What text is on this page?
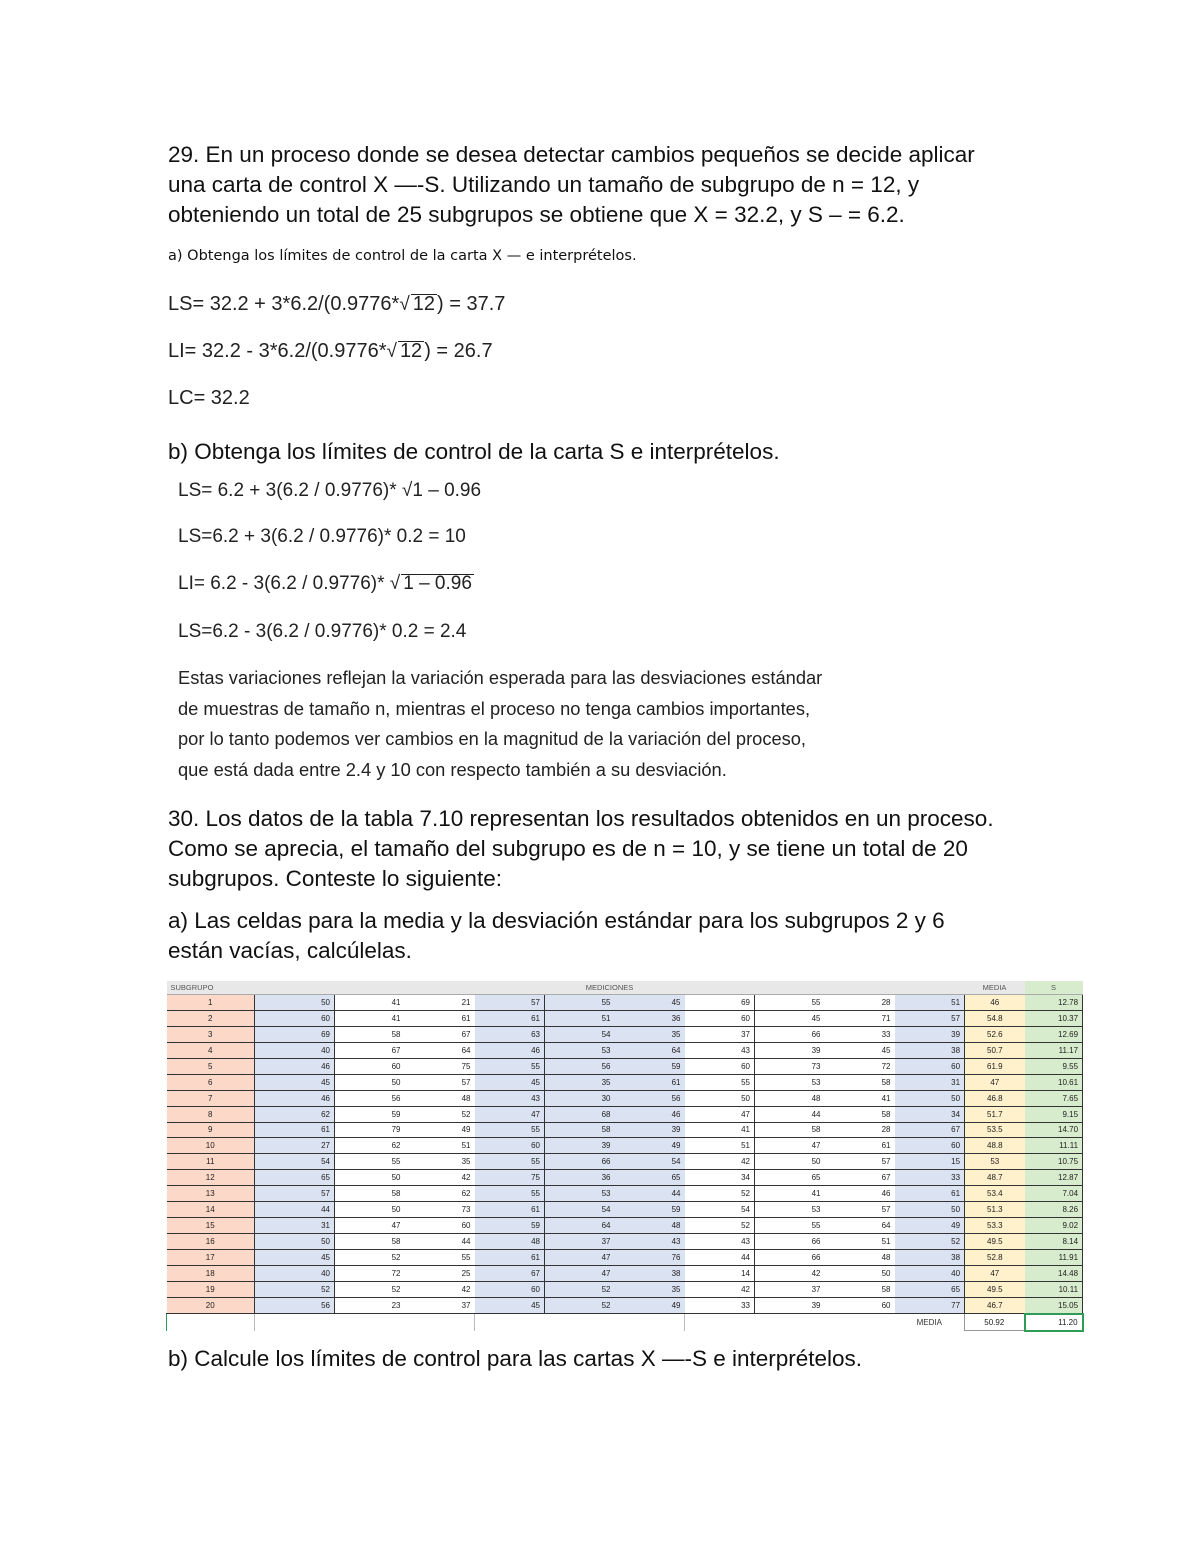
29. En un proceso donde se desea detectar cambios pequeños se decide aplicar

una carta de control X —-S. Utilizando un tamaño de subgrupo de n = 12, y

obteniendo un total de 25 subgrupos se obtiene que X = 32.2, y S – = 6.2.

a) Obtenga los límites de control de la carta X — e interprételos.
LS= 32.2 + 3*6.2/(0.9776*√ 12 ) = 37.7
LI= 32.2 - 3*6.2/(0.9776*√ 12 ) = 26.7
LC= 32.2
b) Obtenga los límites de control de la carta S e interprételos.
LS= 6.2 + 3(6.2 / 0.9776)* √1 – 0.96
LS=6.2 + 3(6.2 / 0.9776)* 0.2 = 10
LI= 6.2 - 3(6.2 / 0.9776)* √ 1 – 0.96
LS=6.2 - 3(6.2 / 0.9776)* 0.2 = 2.4
Estas variaciones reflejan la variación esperada para las desviaciones estándar
de muestras de tamaño n, mientras el proceso no tenga cambios importantes,
por lo tanto podemos ver cambios en la magnitud de la variación del proceso,
que está dada entre 2.4 y 10 con respecto también a su desviación.

30. Los datos de la tabla 7.10 representan los resultados obtenidos en un proceso.

Como se aprecia, el tamaño del subgrupo es de n = 10, y se tiene un total de 20

subgrupos. Conteste lo siguiente:

a) Las celdas para la media y la desviación estándar para los subgrupos 2 y 6

están vacías, calcúlelas.

SUBGRUPO	MEDICIONES										MEDIA	S
1	50	41	21	57	55	45	69	55	28	51	46	12.78
2	60	41	61	61	51	36	60	45	71	57	54.8	10.37
3	69	58	67	63	54	35	37	66	33	39	52.6	12.69
4	40	67	64	46	53	64	43	39	45	38	50.7	11.17
5	46	60	75	55	56	59	60	73	72	60	61.9	9.55
6	45	50	57	45	35	61	55	53	58	31	47	10.61
7	46	56	48	43	30	56	50	48	41	50	46.8	7.65
8	62	59	52	47	68	46	47	44	58	34	51.7	9.15
9	61	79	49	55	58	39	41	58	28	67	53.5	14.70
10	27	62	51	60	39	49	51	47	61	60	48.8	11.11
11	54	55	35	55	66	54	42	50	57	15	53	10.75
12	65	50	42	75	36	65	34	65	67	33	48.7	12.87
13	57	58	62	55	53	44	52	41	46	61	53.4	7.04
14	44	50	73	61	54	59	54	53	57	50	51.3	8.26
15	31	47	60	59	64	48	52	55	64	49	53.3	9.02
16	50	58	44	48	37	43	43	66	51	52	49.5	8.14
17	45	52	55	61	47	76	44	66	48	38	52.8	11.91
18	40	72	25	67	47	38	14	42	50	40	47	14.48
19	52	52	42	60	52	35	42	37	58	65	49.5	10.11
20	56	23	37	45	52	49	33	39	60	77	46.7	15.05
										MEDIA	50.92	11.20
b) Calcule los límites de control para las cartas X —-S e interprételos.
